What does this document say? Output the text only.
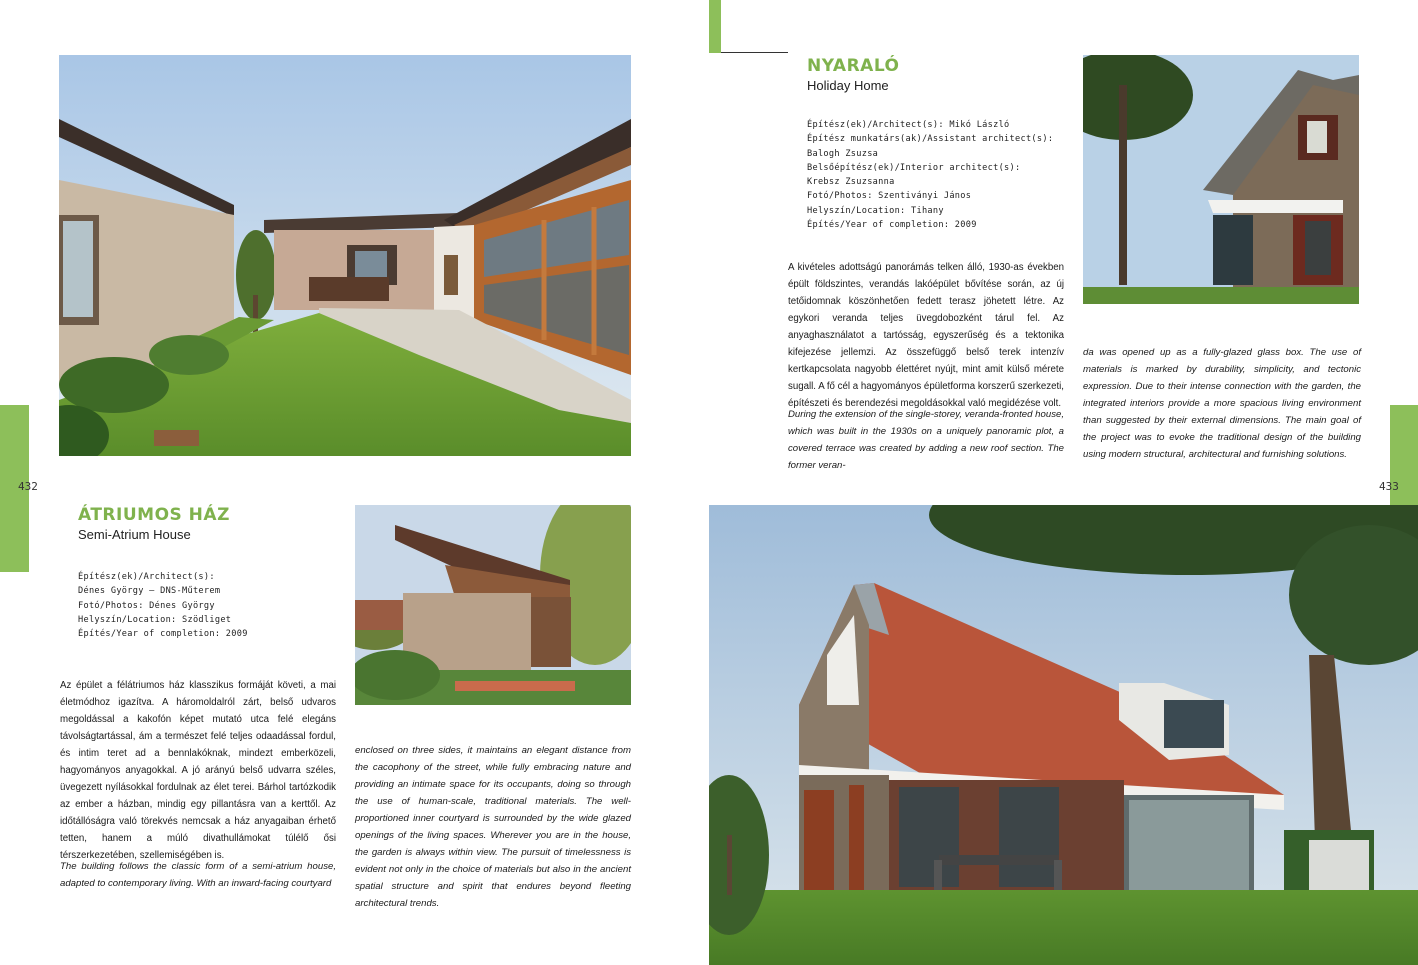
432	433
ÁTRIUMOS HÁZ
Semi-Atrium House
Építész(ek)/Architect(s):
Dénes György – DNS-Műterem
Fotó/Photos: Dénes György
Helyszín/Location: Szödliget
Építés/Year of completion: 2009
Az épület a félátriumos ház klasszikus formáját követi, a mai életmódhoz igazítva. A háromoldalról zárt, belső udvaros megoldással a kakofón képet mutató utca felé elegáns távolságtartással, ám a természet felé teljes odaadással fordul, és intim teret ad a bennlakóknak, mindezt emberközeli, hagyományos anyagokkal. A jó arányú belső udvarra széles, üvegezett nyílásokkal fordulnak az élet terei. Bárhol tartózkodik az ember a házban, mindig egy pillantásra van a kerttől. Az időtállóságra való törekvés nemcsak a ház anyagaiban érhető tetten, hanem a múló divathullámokat túlélő ősi térszerkezetében, szellemiségében is.
The building follows the classic form of a semi-atrium house, adapted to contemporary living. With an inward-facing courtyard
enclosed on three sides, it maintains an elegant distance from the cacophony of the street, while fully embracing nature and providing an intimate space for its occupants, doing so through the use of human-scale, traditional materials. The well-proportioned inner courtyard is surrounded by the wide glazed openings of the living spaces. Wherever you are in the house, the garden is always within view. The pursuit of timelessness is evident not only in the choice of materials but also in the ancient spatial structure and spirit that endures beyond fleeting architectural trends.
NYARALÓ
Holiday Home
Építész(ek)/Architect(s): Mikó László
Építész munkatárs(ak)/Assistant architect(s):
Balogh Zsuzsa
Belsőépítész(ek)/Interior architect(s):
Krebsz Zsuzsanna
Fotó/Photos: Szentiványi János
Helyszín/Location: Tihany
Építés/Year of completion: 2009
A kivételes adottságú panorámás telken álló, 1930-as években épült földszintes, verandás lakóépület bővítése során, az új tetőidomnak köszönhetően fedett terasz jöhetett létre. Az egykori veranda teljes üvegdobozként tárul fel. Az anyaghasználatot a tartósság, egyszerűség és a tektonika kifejezése jellemzi. Az összefüggő belső terek intenzív kertkapcsolata nagyobb élettéret nyújt, mint amit külső mérete sugall. A fő cél a hagyományos épületforma korszerű szerkezeti, építészeti és berendezési megoldásokkal való megidézése volt.
During the extension of the single-storey, veranda-fronted house, which was built in the 1930s on a uniquely panoramic plot, a covered terrace was created by adding a new roof section. The former veran-
da was opened up as a fully-glazed glass box. The use of materials is marked by durability, simplicity, and tectonic expression. Due to their intense connection with the garden, the integrated interiors provide a more spacious living environment than suggested by their external dimensions. The main goal of the project was to evoke the traditional design of the building using modern structural, architectural and furnishing solutions.
